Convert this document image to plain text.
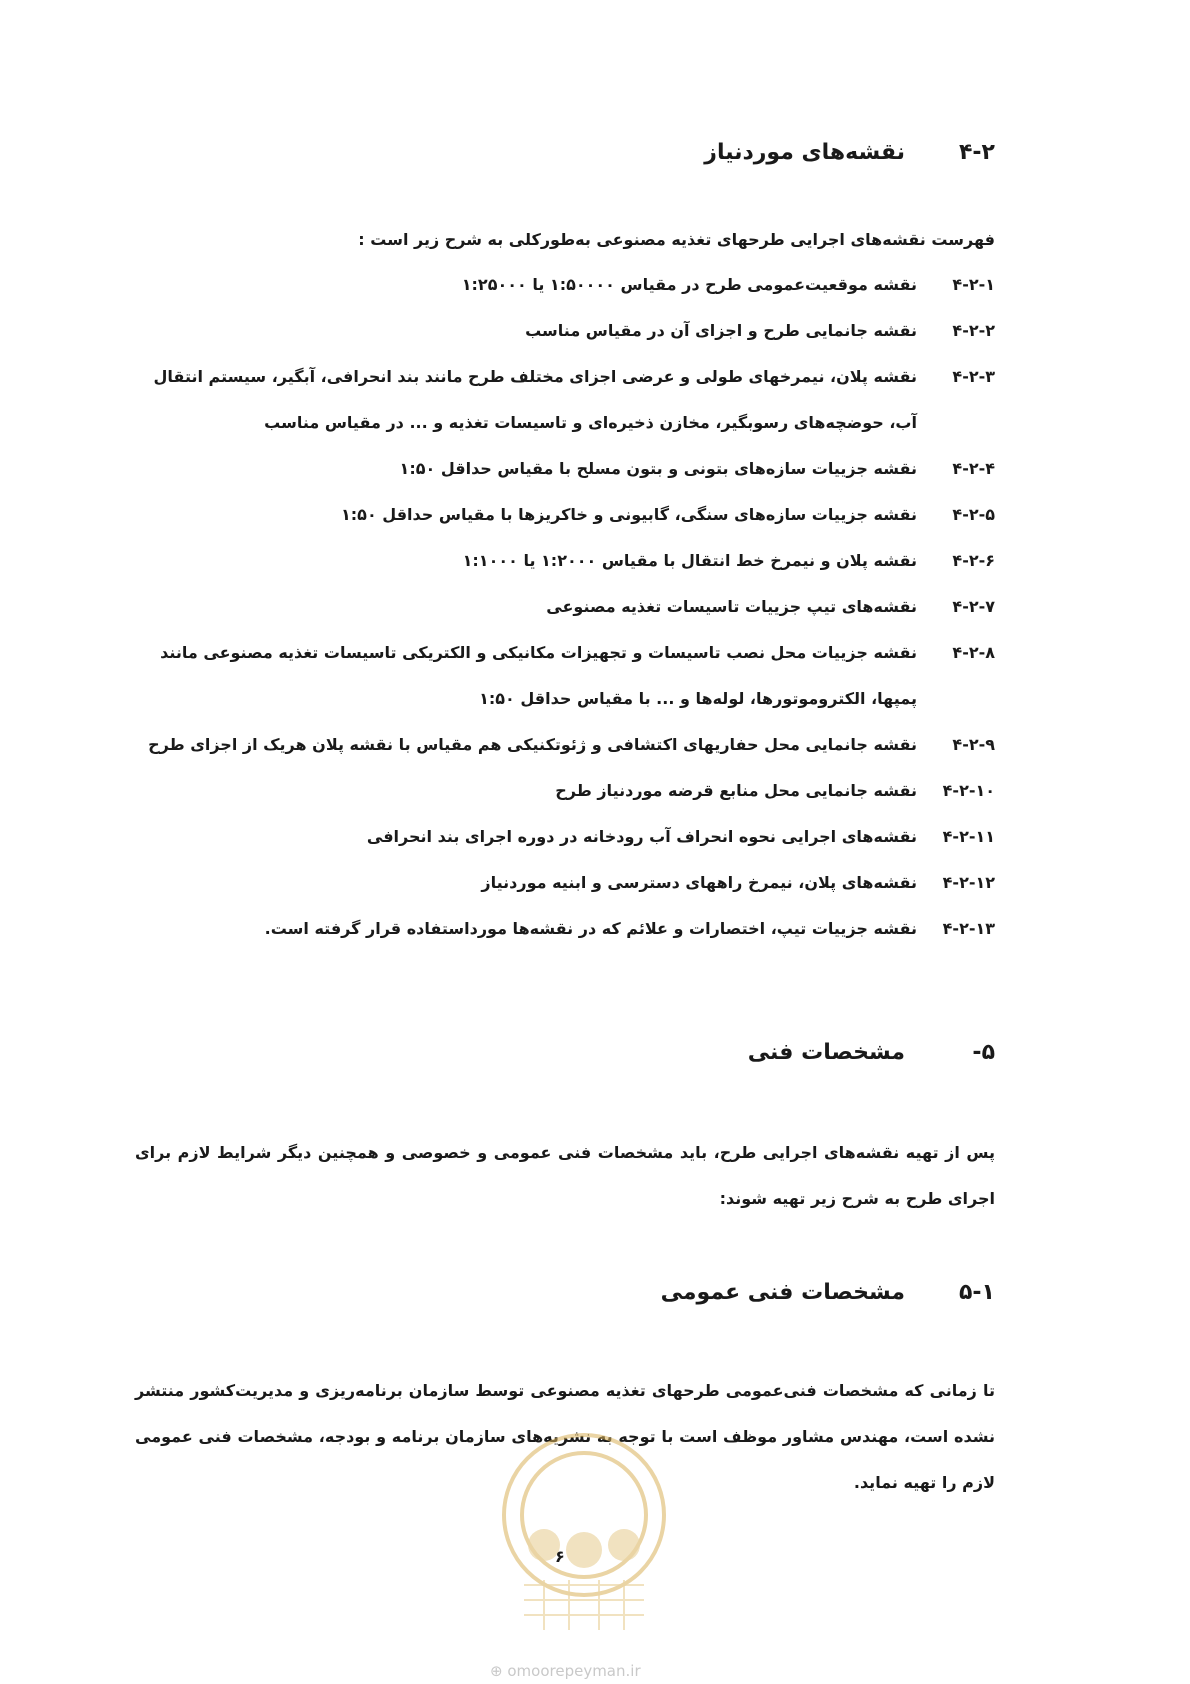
۴-۲نقشه‌های موردنیاز
فهرست نقشه‌های اجرایی طرحهای تغذیه مصنوعی به‌طورکلی به شرح زیر است :
۴-۲-۱
نقشه موقعیت‌عمومی طرح در مقیاس ۱:۵۰۰۰۰ یا ۱:۲۵۰۰۰
۴-۲-۲
نقشه جانمایی طرح و اجزای آن در مقیاس مناسب
۴-۲-۳
نقشه پلان، نیمرخهای طولی و عرضی اجزای مختلف طرح مانند بند انحرافی، آبگیر، سیستم انتقال آب، حوضچه‌های رسوبگیر، مخازن ذخیره‌ای و تاسیسات تغذیه و ... در مقیاس مناسب
۴-۲-۴
نقشه جزییات سازه‌های بتونی و بتون مسلح با مقیاس حداقل ۱:۵۰
۴-۲-۵
نقشه جزییات سازه‌های سنگی، گابیونی و خاکریزها با مقیاس حداقل ۱:۵۰
۴-۲-۶
نقشه پلان و نیمرخ خط انتقال با مقیاس ۱:۲۰۰۰ یا ۱:۱۰۰۰
۴-۲-۷
نقشه‌های تیپ جزییات تاسیسات تغذیه مصنوعی
۴-۲-۸
نقشه جزییات محل نصب تاسیسات و تجهیزات مکانیکی و الکتریکی تاسیسات تغذیه مصنوعی مانند پمپها، الکتروموتورها، لوله‌ها و ... با مقیاس حداقل ۱:۵۰
۴-۲-۹
نقشه جانمایی محل حفاریهای اکتشافی و ژئوتکنیکی هم مقیاس با نقشه پلان هریک از اجزای طرح
۴-۲-۱۰
نقشه جانمایی محل منابع قرضه موردنیاز طرح
۴-۲-۱۱
نقشه‌های اجرایی نحوه انحراف آب رودخانه در دوره اجرای بند انحرافی
۴-۲-۱۲
نقشه‌های پلان، نیمرخ راههای دسترسی و ابنیه موردنیاز
۴-۲-۱۳
نقشه جزییات تیپ، اختصارات و علائم که در نقشه‌ها مورداستفاده قرار گرفته است.
۵-مشخصات فنی
پس از تهیه نقشه‌های اجرایی طرح، باید مشخصات فنی عمومی و خصوصی و همچنین دیگر شرایط لازم برای اجرای طرح به شرح زیر تهیه شوند:
۵-۱مشخصات فنی عمومی
تا زمانی که مشخصات فنی‌عمومی طرحهای تغذیه مصنوعی توسط سازمان برنامه‌ریزی و مدیریت‌کشور منتشر نشده است، مهندس مشاور موظف است با توجه به نشریه‌های سازمان برنامه و بودجه، مشخصات فنی عمومی لازم را تهیه نماید.
۶
⊕ omoorepeyman.ir
